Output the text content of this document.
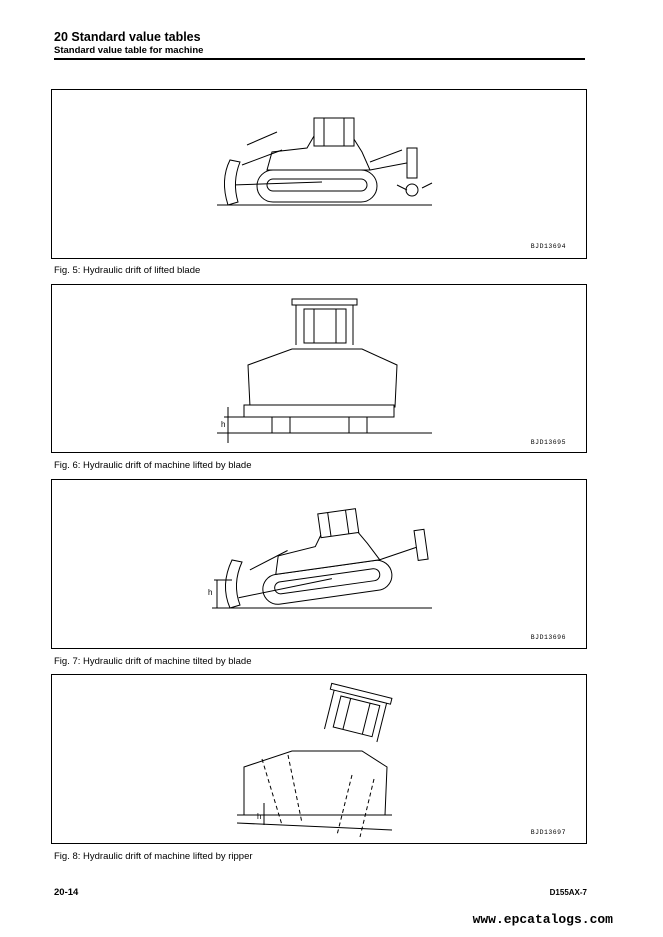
20 Standard value tables
Standard value table for machine
BJD13694
Fig. 5: Hydraulic drift of lifted blade
h
BJD13695
Fig. 6: Hydraulic drift of machine lifted by blade
h
BJD13696
Fig. 7: Hydraulic drift of machine tilted by blade
h
BJD13697
Fig. 8: Hydraulic drift of machine lifted by ripper
20-14	D155AX-7
www.epcatalogs.com
